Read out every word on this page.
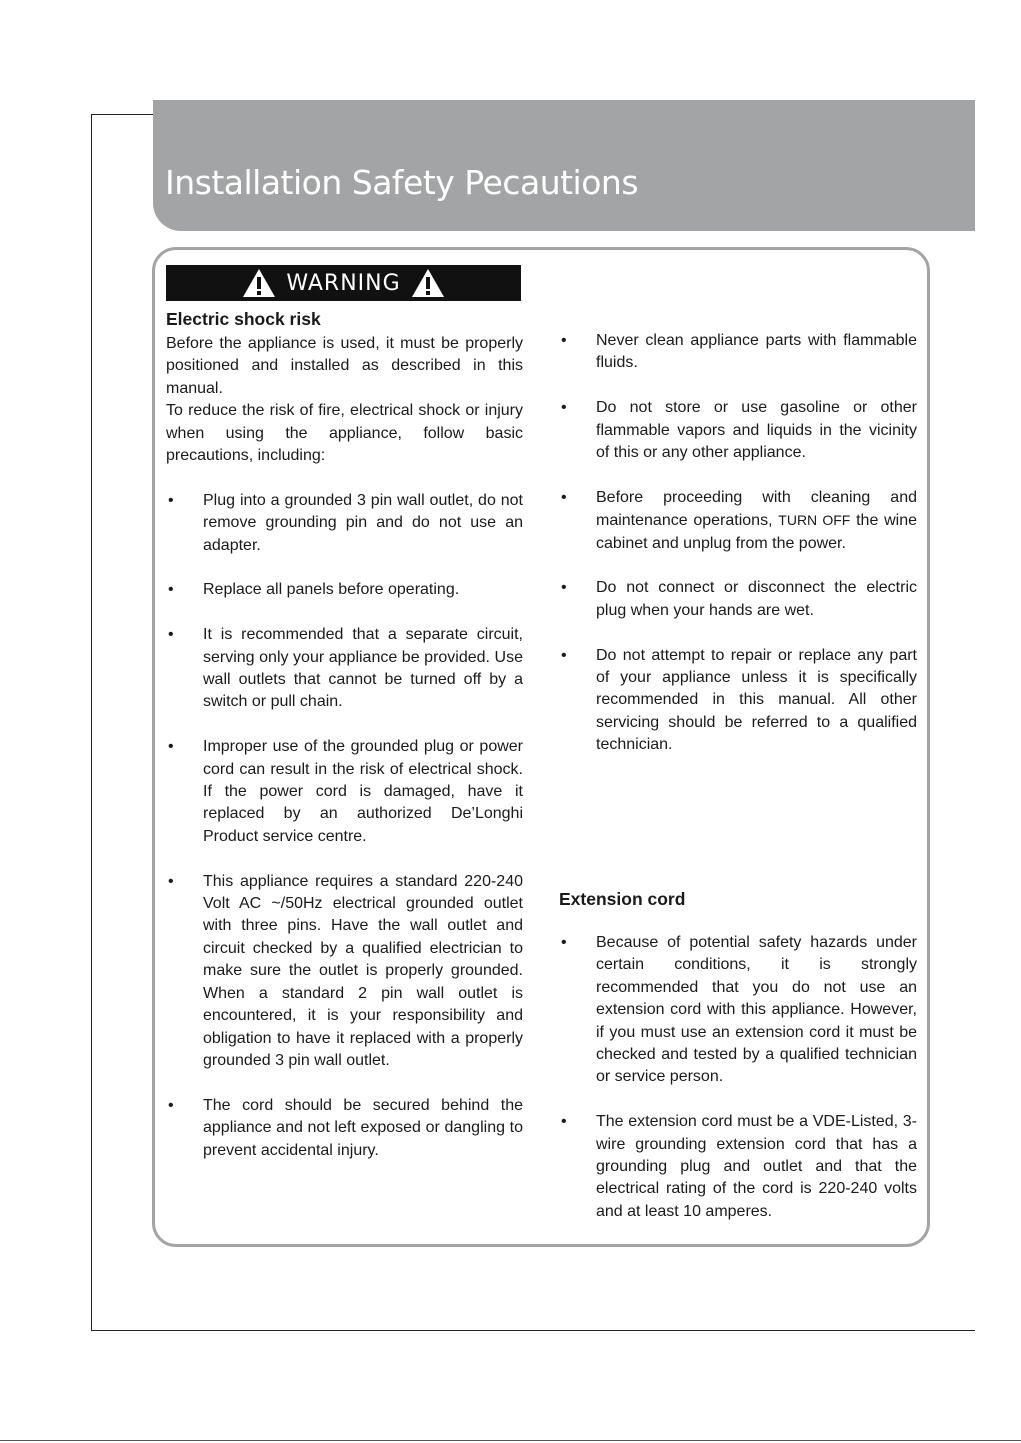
Installation Safety Pecautions
WARNING
Electric shock risk

Before the appliance is used, it must be properly positioned and installed as described in this manual.

To reduce the risk of fire, electrical shock or injury when using the appliance, follow basic precautions, including:

• Plug into a grounded 3 pin wall outlet, do not remove grounding pin and do not use an adapter.
• Replace all panels before operating.
• It is recommended that a separate circuit, serving only your appliance be provided. Use wall outlets that cannot be turned off by a switch or pull chain.
• Improper use of the grounded plug or power cord can result in the risk of electrical shock. If the power cord is damaged, have it replaced by an authorized De’Longhi Product service centre.
• This appliance requires a standard 220-240 Volt AC ~/50Hz electrical grounded outlet with three pins. Have the wall outlet and circuit checked by a qualified electrician to make sure the outlet is properly grounded. When a standard 2 pin wall outlet is encountered, it is your responsibility and obligation to have it replaced with a properly grounded 3 pin wall outlet.
• The cord should be secured behind the appliance and not left exposed or dangling to prevent accidental injury.
• Never clean appliance parts with flammable fluids.
• Do not store or use gasoline or other flammable vapors and liquids in the vicinity of this or any other appliance.
• Before proceeding with cleaning and maintenance operations, TURN OFF the wine cabinet and unplug from the power.
• Do not connect or disconnect the electric plug when your hands are wet.
• Do not attempt to repair or replace any part of your appliance unless it is specifically recommended in this manual. All other servicing should be referred to a qualified technician.
Extension cord
• Because of potential safety hazards under certain conditions, it is strongly recommended that you do not use an extension cord with this appliance. However, if you must use an extension cord it must be checked and tested by a qualified technician or service person.
• The extension cord must be a VDE-Listed, 3-wire grounding extension cord that has a grounding plug and outlet and that the electrical rating of the cord is 220-240 volts and at least 10 amperes.
